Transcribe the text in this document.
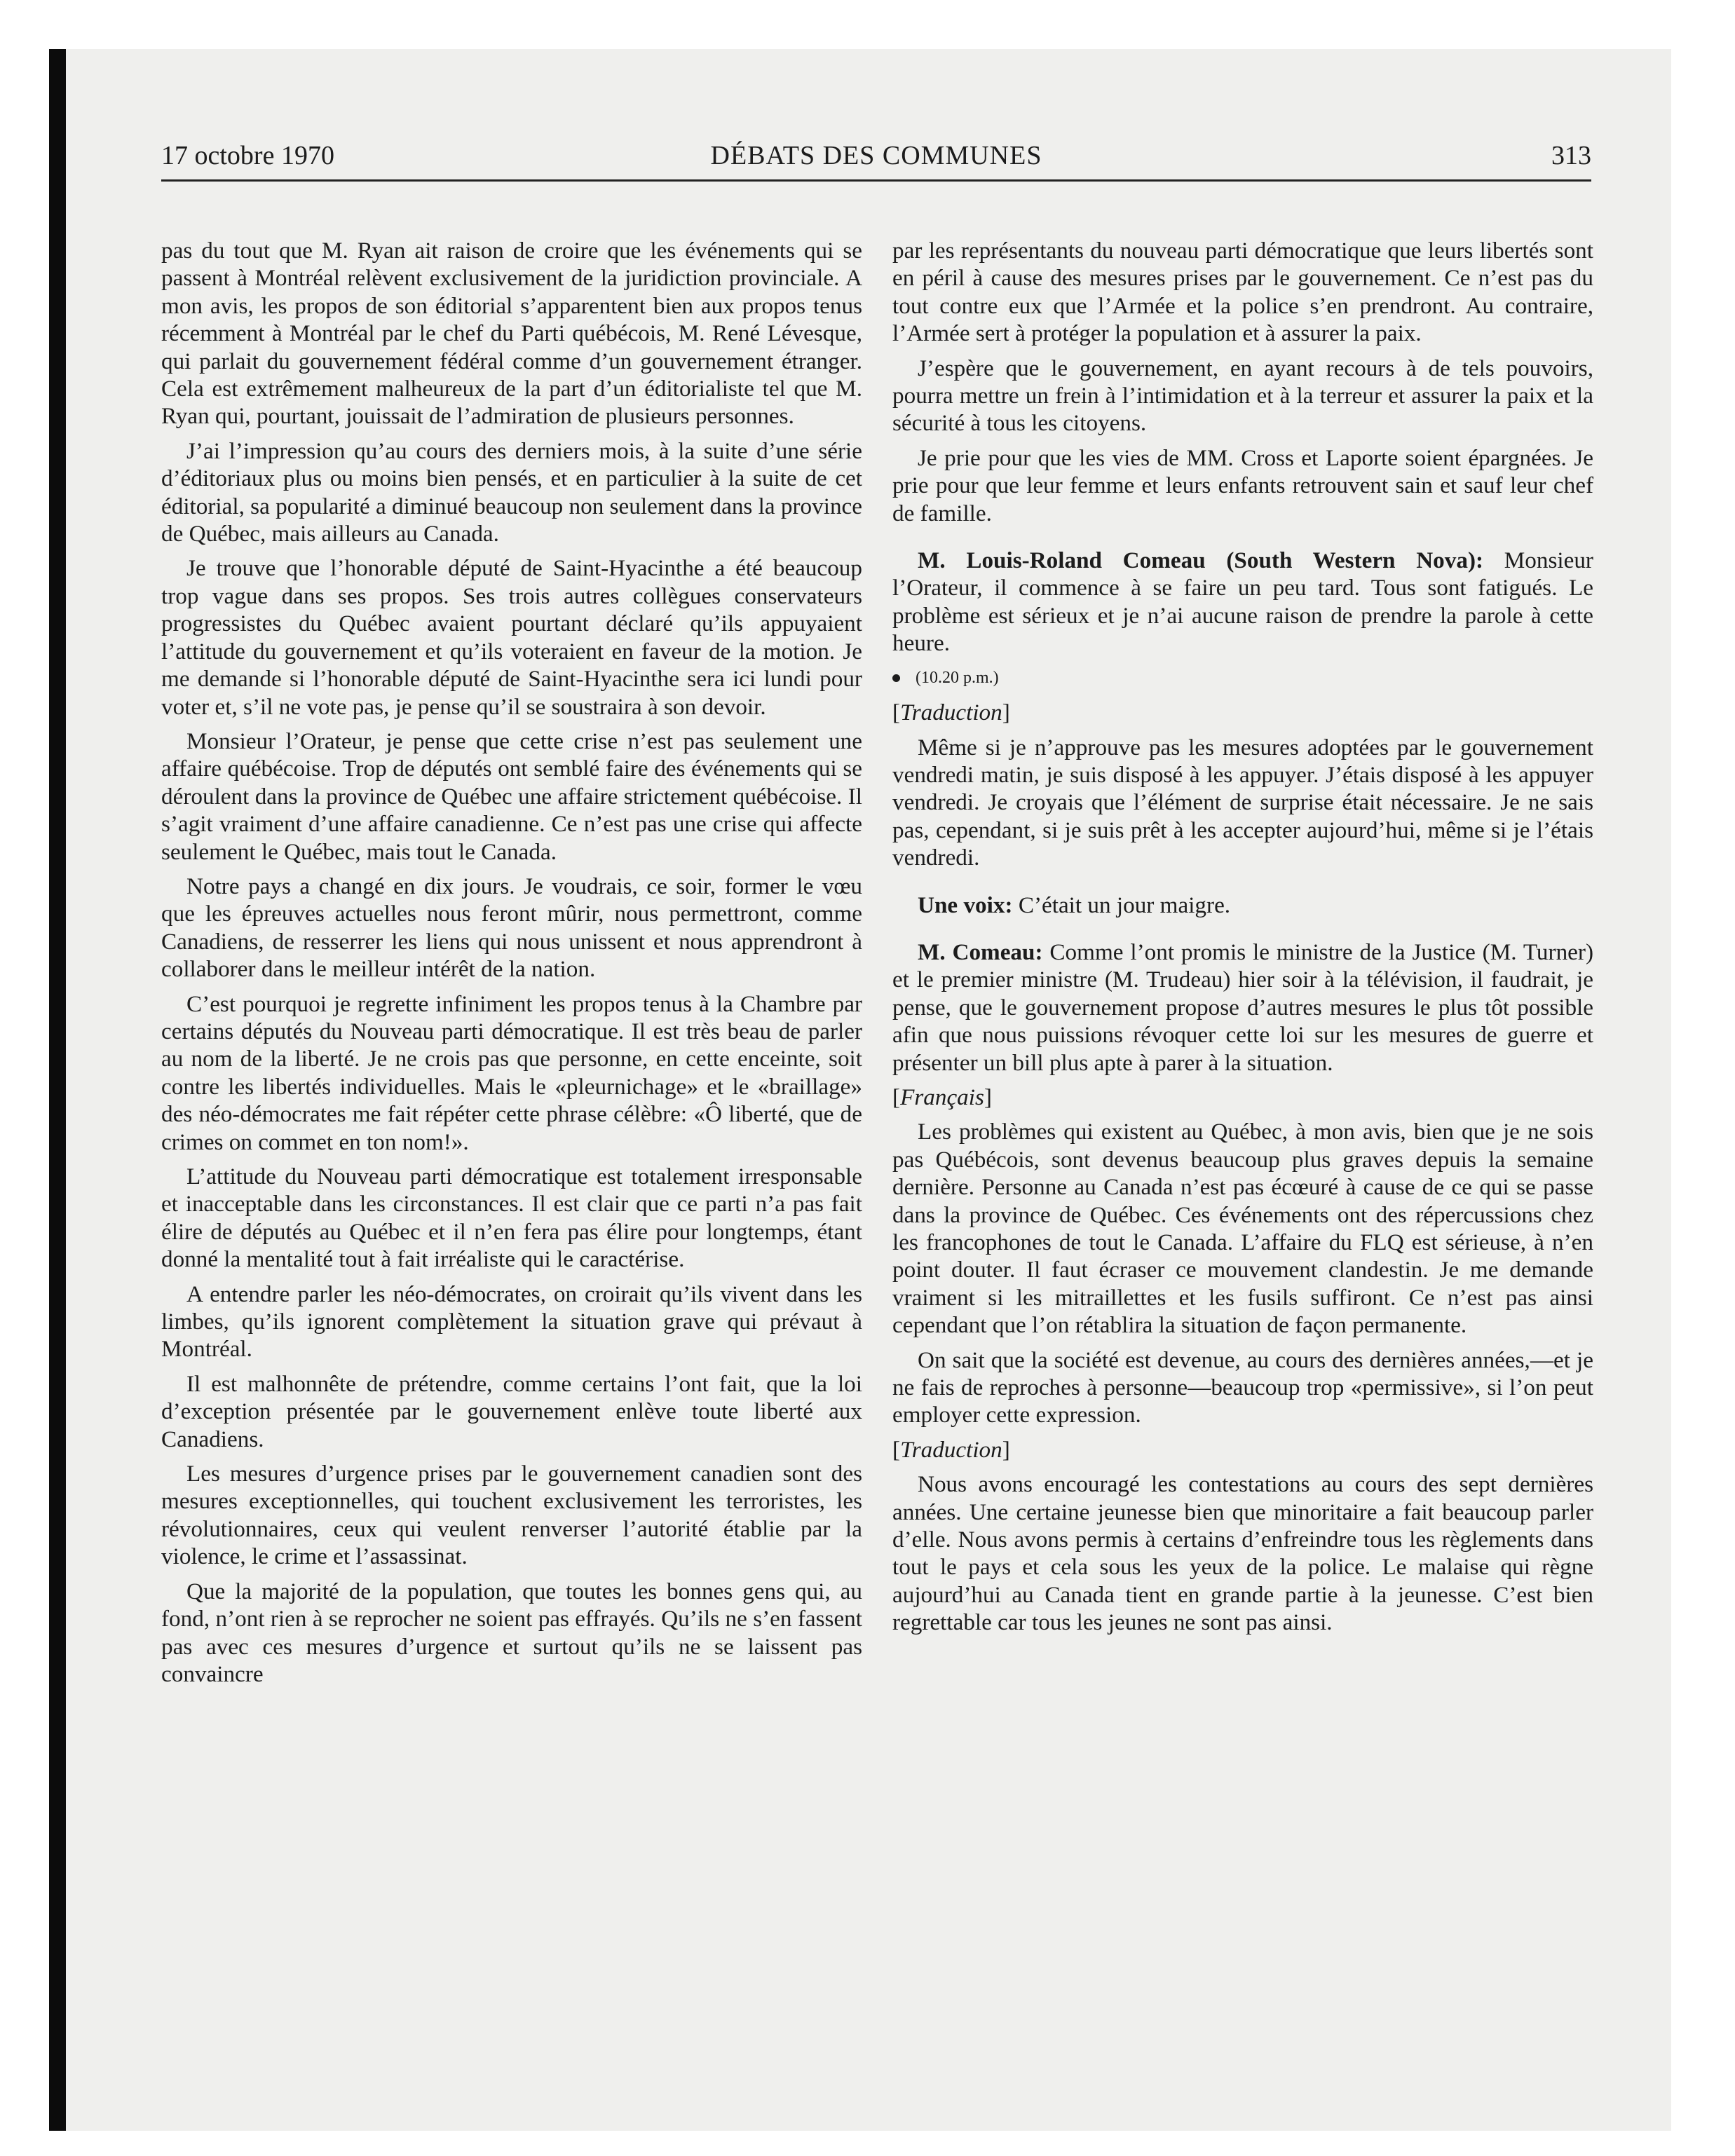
17 octobre 1970	DÉBATS DES COMMUNES	313

pas du tout que M. Ryan ait raison de croire que les événements qui se passent à Montréal relèvent exclusivement de la juridiction provinciale. A mon avis, les propos de son éditorial s’apparentent bien aux propos tenus récemment à Montréal par le chef du Parti québécois, M. René Lévesque, qui parlait du gouvernement fédéral comme d’un gouvernement étranger. Cela est extrêmement malheureux de la part d’un éditorialiste tel que M. Ryan qui, pourtant, jouissait de l’admiration de plusieurs personnes.

J’ai l’impression qu’au cours des derniers mois, à la suite d’une série d’éditoriaux plus ou moins bien pensés, et en particulier à la suite de cet éditorial, sa popularité a diminué beaucoup non seulement dans la province de Québec, mais ailleurs au Canada.

Je trouve que l’honorable député de Saint-Hyacinthe a été beaucoup trop vague dans ses propos. Ses trois autres collègues conservateurs progressistes du Québec avaient pourtant déclaré qu’ils appuyaient l’attitude du gouvernement et qu’ils voteraient en faveur de la motion. Je me demande si l’honorable député de Saint-Hyacinthe sera ici lundi pour voter et, s’il ne vote pas, je pense qu’il se soustraira à son devoir.

Monsieur l’Orateur, je pense que cette crise n’est pas seulement une affaire québécoise. Trop de députés ont semblé faire des événements qui se déroulent dans la province de Québec une affaire strictement québécoise. Il s’agit vraiment d’une affaire canadienne. Ce n’est pas une crise qui affecte seulement le Québec, mais tout le Canada.

Notre pays a changé en dix jours. Je voudrais, ce soir, former le vœu que les épreuves actuelles nous feront mûrir, nous permettront, comme Canadiens, de resserrer les liens qui nous unissent et nous apprendront à collaborer dans le meilleur intérêt de la nation.

C’est pourquoi je regrette infiniment les propos tenus à la Chambre par certains députés du Nouveau parti démocratique. Il est très beau de parler au nom de la liberté. Je ne crois pas que personne, en cette enceinte, soit contre les libertés individuelles. Mais le «pleurnichage» et le «braillage» des néo-démocrates me fait répéter cette phrase célèbre: «Ô liberté, que de crimes on commet en ton nom!».

L’attitude du Nouveau parti démocratique est totalement irresponsable et inacceptable dans les circonstances. Il est clair que ce parti n’a pas fait élire de députés au Québec et il n’en fera pas élire pour longtemps, étant donné la mentalité tout à fait irréaliste qui le caractérise.

A entendre parler les néo-démocrates, on croirait qu’ils vivent dans les limbes, qu’ils ignorent complètement la situation grave qui prévaut à Montréal.

Il est malhonnête de prétendre, comme certains l’ont fait, que la loi d’exception présentée par le gouvernement enlève toute liberté aux Canadiens.

Les mesures d’urgence prises par le gouvernement canadien sont des mesures exceptionnelles, qui touchent exclusivement les terroristes, les révolutionnaires, ceux qui veulent renverser l’autorité établie par la violence, le crime et l’assassinat.

Que la majorité de la population, que toutes les bonnes gens qui, au fond, n’ont rien à se reprocher ne soient pas effrayés. Qu’ils ne s’en fassent pas avec ces mesures d’urgence et surtout qu’ils ne se laissent pas convaincre

par les représentants du nouveau parti démocratique que leurs libertés sont en péril à cause des mesures prises par le gouvernement. Ce n’est pas du tout contre eux que l’Armée et la police s’en prendront. Au contraire, l’Armée sert à protéger la population et à assurer la paix.

J’espère que le gouvernement, en ayant recours à de tels pouvoirs, pourra mettre un frein à l’intimidation et à la terreur et assurer la paix et la sécurité à tous les citoyens.

Je prie pour que les vies de MM. Cross et Laporte soient épargnées. Je prie pour que leur femme et leurs enfants retrouvent sain et sauf leur chef de famille.

M. Louis-Roland Comeau (South Western Nova): Monsieur l’Orateur, il commence à se faire un peu tard. Tous sont fatigués. Le problème est sérieux et je n’ai aucune raison de prendre la parole à cette heure.

(10.20 p.m.)

[Traduction]

Même si je n’approuve pas les mesures adoptées par le gouvernement vendredi matin, je suis disposé à les appuyer. J’étais disposé à les appuyer vendredi. Je croyais que l’élément de surprise était nécessaire. Je ne sais pas, cependant, si je suis prêt à les accepter aujourd’hui, même si je l’étais vendredi.

Une voix: C’était un jour maigre.

M. Comeau: Comme l’ont promis le ministre de la Justice (M. Turner) et le premier ministre (M. Trudeau) hier soir à la télévision, il faudrait, je pense, que le gouvernement propose d’autres mesures le plus tôt possible afin que nous puissions révoquer cette loi sur les mesures de guerre et présenter un bill plus apte à parer à la situation.

[Français]

Les problèmes qui existent au Québec, à mon avis, bien que je ne sois pas Québécois, sont devenus beaucoup plus graves depuis la semaine dernière. Personne au Canada n’est pas écœuré à cause de ce qui se passe dans la province de Québec. Ces événements ont des répercussions chez les francophones de tout le Canada. L’affaire du FLQ est sérieuse, à n’en point douter. Il faut écraser ce mouvement clandestin. Je me demande vraiment si les mitraillettes et les fusils suffiront. Ce n’est pas ainsi cependant que l’on rétablira la situation de façon permanente.

On sait que la société est devenue, au cours des dernières années,—et je ne fais de reproches à personne—beaucoup trop «permissive», si l’on peut employer cette expression.

[Traduction]

Nous avons encouragé les contestations au cours des sept dernières années. Une certaine jeunesse bien que minoritaire a fait beaucoup parler d’elle. Nous avons permis à certains d’enfreindre tous les règlements dans tout le pays et cela sous les yeux de la police. Le malaise qui règne aujourd’hui au Canada tient en grande partie à la jeunesse. C’est bien regrettable car tous les jeunes ne sont pas ainsi.
